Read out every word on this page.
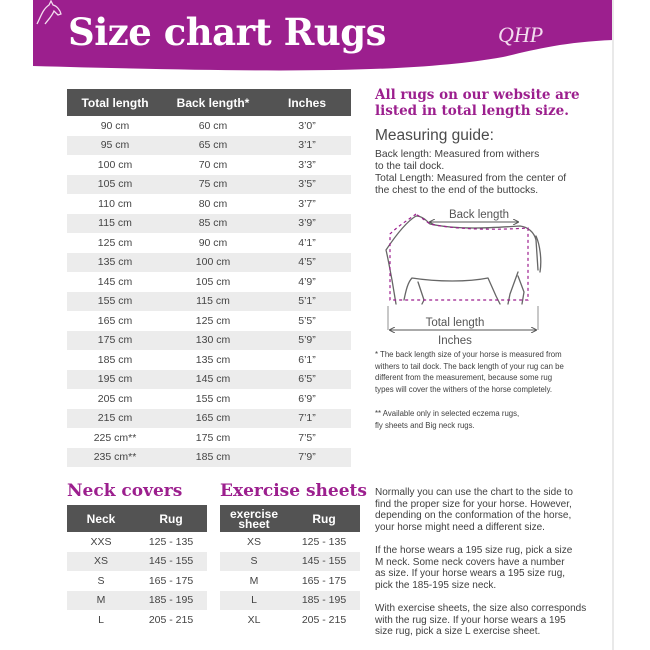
Size chart Rugs	QHP
Total length	Back length*	Inches
90 cm	60 cm	3’0”
95 cm	65 cm	3’1”
100 cm	70 cm	3’3”
105 cm	75 cm	3’5”
110 cm	80 cm	3’7”
115 cm	85 cm	3’9”
125 cm	90 cm	4’1”
135 cm	100 cm	4’5”
145 cm	105 cm	4’9”
155 cm	115 cm	5’1”
165 cm	125 cm	5’5”
175 cm	130 cm	5’9”
185 cm	135 cm	6’1”
195 cm	145 cm	6’5”
205 cm	155 cm	6’9”
215 cm	165 cm	7’1”
225 cm**	175 cm	7’5”
235 cm**	185 cm	7’9”
Neck covers
Neck	Rug
XXS	125 - 135
XS	145 - 155
S	165 - 175
M	185 - 195
L	205 - 215
Exercise sheets
exercise
sheet	Rug
XS	125 - 135
S	145 - 155
M	165 - 175
L	185 - 195
XL	205 - 215
All rugs on our website are listed in total length size.
Measuring guide:
Back length: Measured from withers
to the tail dock.
Total Length: Measured from the center of
the chest to the end of the buttocks.
Back length
Total length
Inches
* The back length size of your horse is measured from
withers to tail dock. The back length of your rug can be
different from the measurement, because some rug
types will cover the withers of the horse completely.
** Available only in selected eczema rugs,
fly sheets and Big neck rugs.
Normally you can use the chart to the side to
find the proper size for your horse. However,
depending on the conformation of the horse,
your horse might need a different size.
If the horse wears a 195 size rug, pick a size
M neck. Some neck covers have a number
as size. If your horse wears a 195 size rug,
pick the 185-195 size neck.
With exercise sheets, the size also corresponds
with the rug size. If your horse wears a 195
size rug, pick a size L exercise sheet.
